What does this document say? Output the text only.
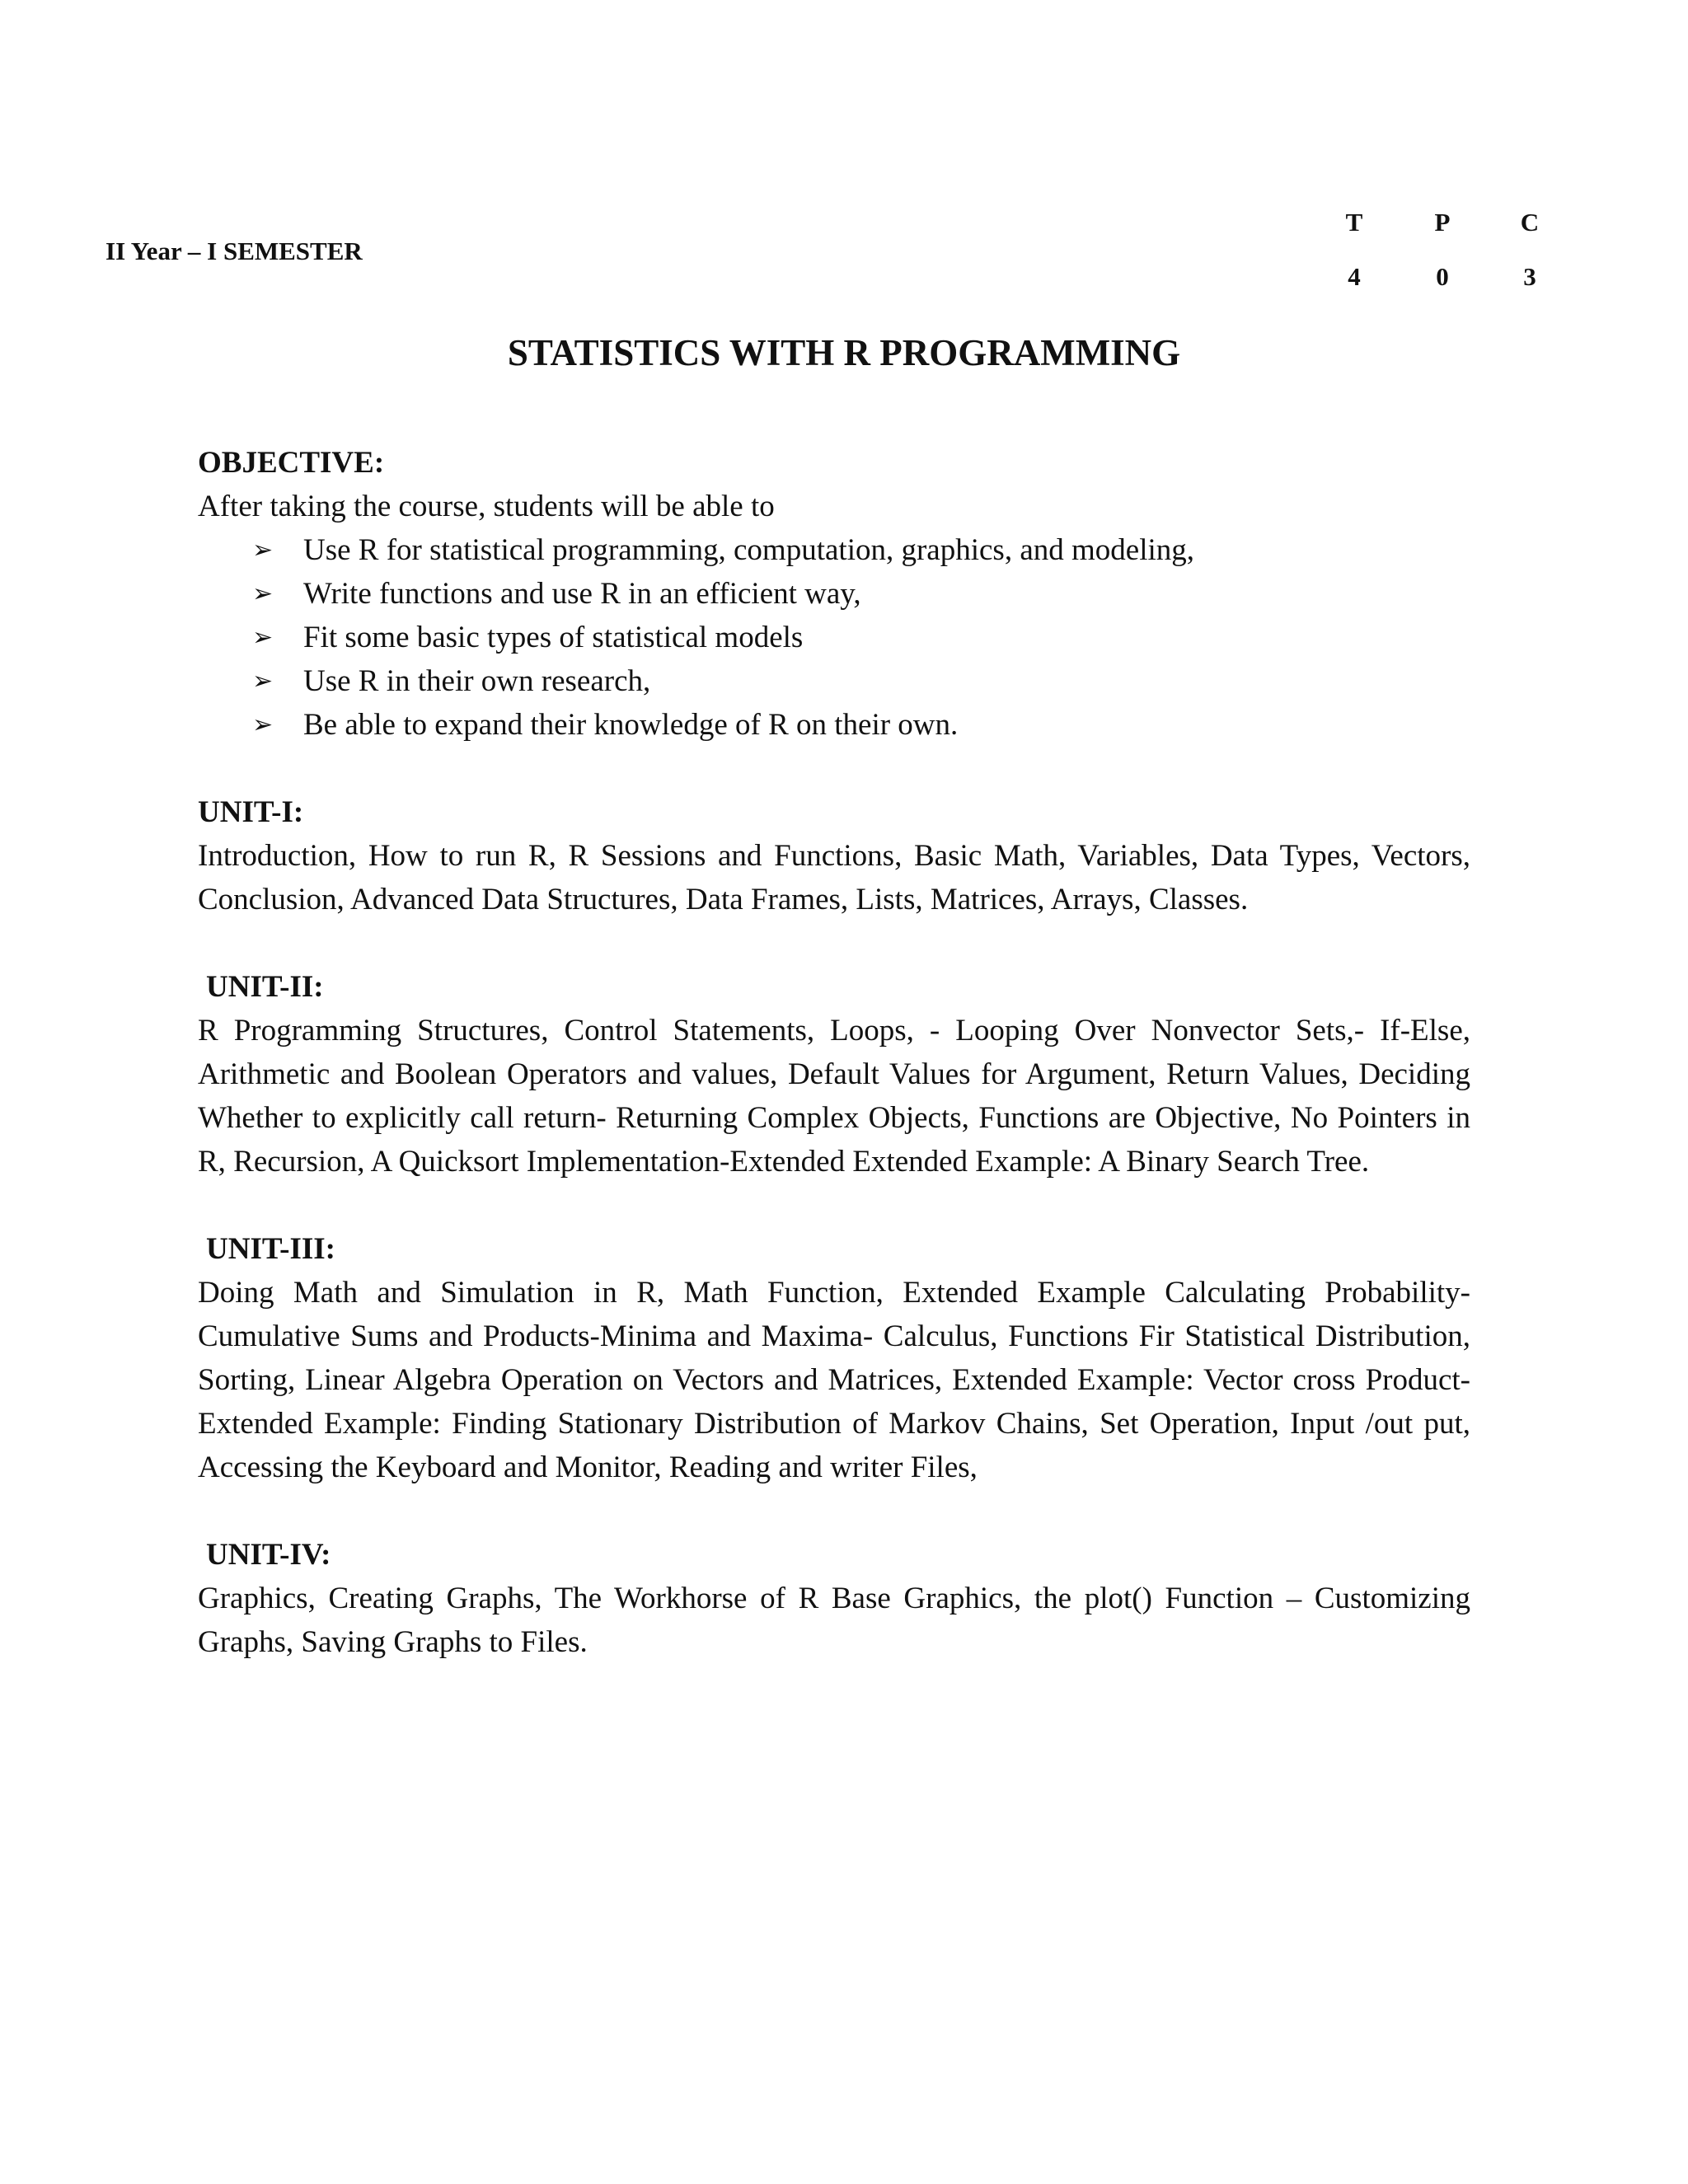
II Year – I SEMESTER
T	P	C
4	0	3
STATISTICS WITH R PROGRAMMING

OBJECTIVE:

After taking the course, students will be able to

➢ Use R for statistical programming, computation, graphics, and modeling,
➢ Write functions and use R in an efficient way,
➢ Fit some basic types of statistical models
➢ Use R in their own research,
➢ Be able to expand their knowledge of R on their own.

UNIT-I:

Introduction, How to run R, R Sessions and Functions, Basic Math, Variables, Data Types, Vectors, Conclusion, Advanced Data Structures, Data Frames, Lists, Matrices, Arrays, Classes.

UNIT-II:

R Programming Structures, Control Statements, Loops, - Looping Over Nonvector Sets,- If-Else, Arithmetic and Boolean Operators and values, Default Values for Argument, Return Values, Deciding Whether to explicitly call return- Returning Complex Objects, Functions are Objective, No Pointers in R, Recursion, A Quicksort Implementation-Extended Extended Example: A Binary Search Tree.

UNIT-III:

Doing Math and Simulation in R, Math Function, Extended Example Calculating Probability- Cumulative Sums and Products-Minima and Maxima- Calculus, Functions Fir Statistical Distribution, Sorting, Linear Algebra Operation on Vectors and Matrices, Extended Example: Vector cross Product- Extended Example: Finding Stationary Distribution of Markov Chains, Set Operation, Input /out put, Accessing the Keyboard and Monitor, Reading and writer Files,

UNIT-IV:

Graphics, Creating Graphs, The Workhorse of R Base Graphics, the plot() Function – Customizing Graphs, Saving Graphs to Files.
